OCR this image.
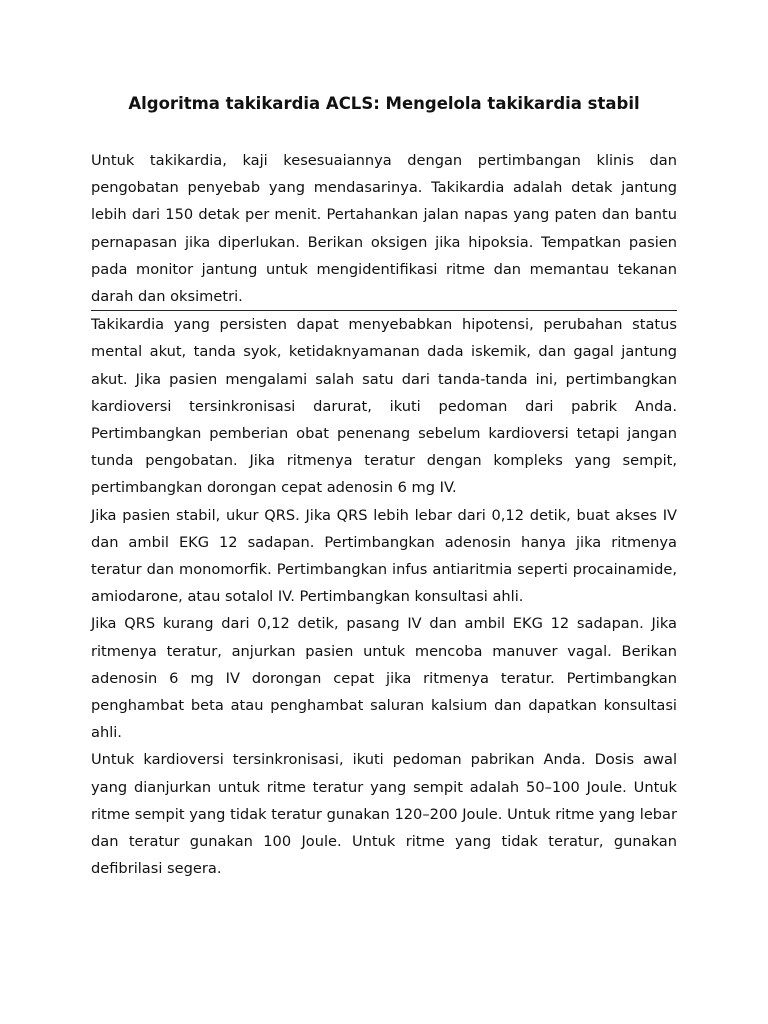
Algoritma takikardia ACLS: Mengelola takikardia stabil

Untuk takikardia, kaji kesesuaiannya dengan pertimbangan klinis dan pengobatan penyebab yang mendasarinya. Takikardia adalah detak jantung lebih dari 150 detak per menit. Pertahankan jalan napas yang paten dan bantu pernapasan jika diperlukan. Berikan oksigen jika hipoksia. Tempatkan pasien pada monitor jantung untuk mengidentifikasi ritme dan memantau tekanan darah dan oksimetri.

Takikardia yang persisten dapat menyebabkan hipotensi, perubahan status mental akut, tanda syok, ketidaknyamanan dada iskemik, dan gagal jantung akut. Jika pasien mengalami salah satu dari tanda-tanda ini, pertimbangkan kardioversi tersinkronisasi darurat, ikuti pedoman dari pabrik Anda. Pertimbangkan pemberian obat penenang sebelum kardioversi tetapi jangan tunda pengobatan. Jika ritmenya teratur dengan kompleks yang sempit, pertimbangkan dorongan cepat adenosin 6 mg IV.

Jika pasien stabil, ukur QRS. Jika QRS lebih lebar dari 0,12 detik, buat akses IV dan ambil EKG 12 sadapan. Pertimbangkan adenosin hanya jika ritmenya teratur dan monomorfik. Pertimbangkan infus antiaritmia seperti procainamide, amiodarone, atau sotalol IV. Pertimbangkan konsultasi ahli.

Jika QRS kurang dari 0,12 detik, pasang IV dan ambil EKG 12 sadapan. Jika ritmenya teratur, anjurkan pasien untuk mencoba manuver vagal. Berikan adenosin 6 mg IV dorongan cepat jika ritmenya teratur. Pertimbangkan penghambat beta atau penghambat saluran kalsium dan dapatkan konsultasi ahli.

Untuk kardioversi tersinkronisasi, ikuti pedoman pabrikan Anda. Dosis awal yang dianjurkan untuk ritme teratur yang sempit adalah 50–100 Joule. Untuk ritme sempit yang tidak teratur gunakan 120–200 Joule. Untuk ritme yang lebar dan teratur gunakan 100 Joule. Untuk ritme yang tidak teratur, gunakan defibrilasi segera.
